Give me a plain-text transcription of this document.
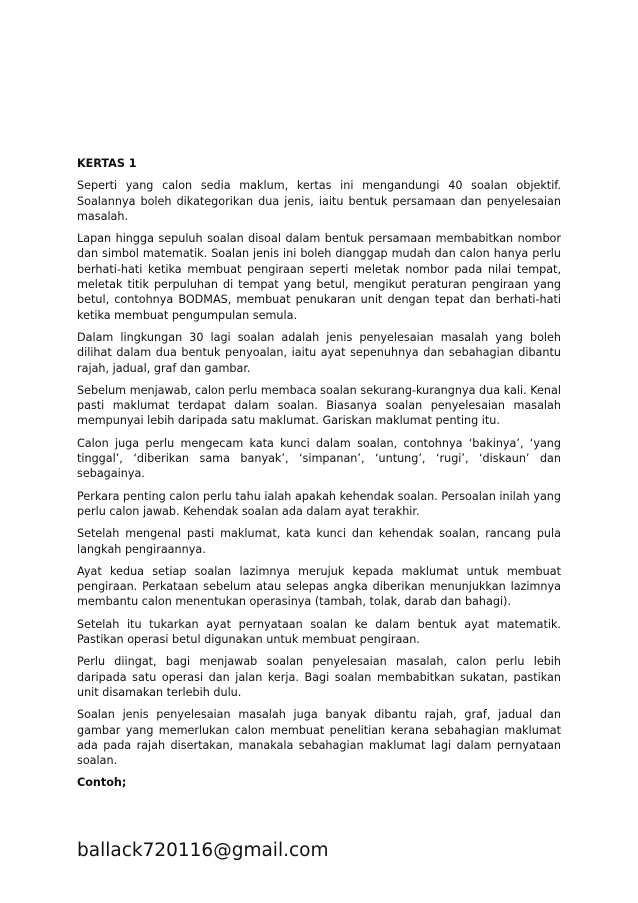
KERTAS 1

Seperti yang calon sedia maklum, kertas ini mengandungi 40 soalan objektif. Soalannya boleh dikategorikan dua jenis, iaitu bentuk persamaan dan penyelesaian masalah.

Lapan hingga sepuluh soalan disoal dalam bentuk persamaan membabitkan nombor dan simbol matematik. Soalan jenis ini boleh dianggap mudah dan calon hanya perlu berhati-hati ketika membuat pengiraan seperti meletak nombor pada nilai tempat, meletak titik perpuluhan di tempat yang betul, mengikut peraturan pengiraan yang betul, contohnya BODMAS, membuat penukaran unit dengan tepat dan berhati-hati ketika membuat pengumpulan semula.

Dalam lingkungan 30 lagi soalan adalah jenis penyelesaian masalah yang boleh dilihat dalam dua bentuk penyoalan, iaitu ayat sepenuhnya dan sebahagian dibantu rajah, jadual, graf dan gambar.

Sebelum menjawab, calon perlu membaca soalan sekurang-kurangnya dua kali. Kenal pasti maklumat terdapat dalam soalan. Biasanya soalan penyelesaian masalah mempunyai lebih daripada satu maklumat. Gariskan maklumat penting itu.

Calon juga perlu mengecam kata kunci dalam soalan, contohnya ‘bakinya’, ‘yang tinggal’, ‘diberikan sama banyak’, ‘simpanan’, ‘untung’, ‘rugi’, ‘diskaun’ dan sebagainya.

Perkara penting calon perlu tahu ialah apakah kehendak soalan. Persoalan inilah yang perlu calon jawab. Kehendak soalan ada dalam ayat terakhir.

Setelah mengenal pasti maklumat, kata kunci dan kehendak soalan, rancang pula langkah pengiraannya.

Ayat kedua setiap soalan lazimnya merujuk kepada maklumat untuk membuat pengiraan. Perkataan sebelum atau selepas angka diberikan menunjukkan lazimnya membantu calon menentukan operasinya (tambah, tolak, darab dan bahagi).

Setelah itu tukarkan ayat pernyataan soalan ke dalam bentuk ayat matematik. Pastikan operasi betul digunakan untuk membuat pengiraan.

Perlu diingat, bagi menjawab soalan penyelesaian masalah, calon perlu lebih daripada satu operasi dan jalan kerja. Bagi soalan membabitkan sukatan, pastikan unit disamakan terlebih dulu.

Soalan jenis penyelesaian masalah juga banyak dibantu rajah, graf, jadual dan gambar yang memerlukan calon membuat penelitian kerana sebahagian maklumat ada pada rajah disertakan, manakala sebahagian maklumat lagi dalam pernyataan soalan.

Contoh;

ballack720116@gmail.com
